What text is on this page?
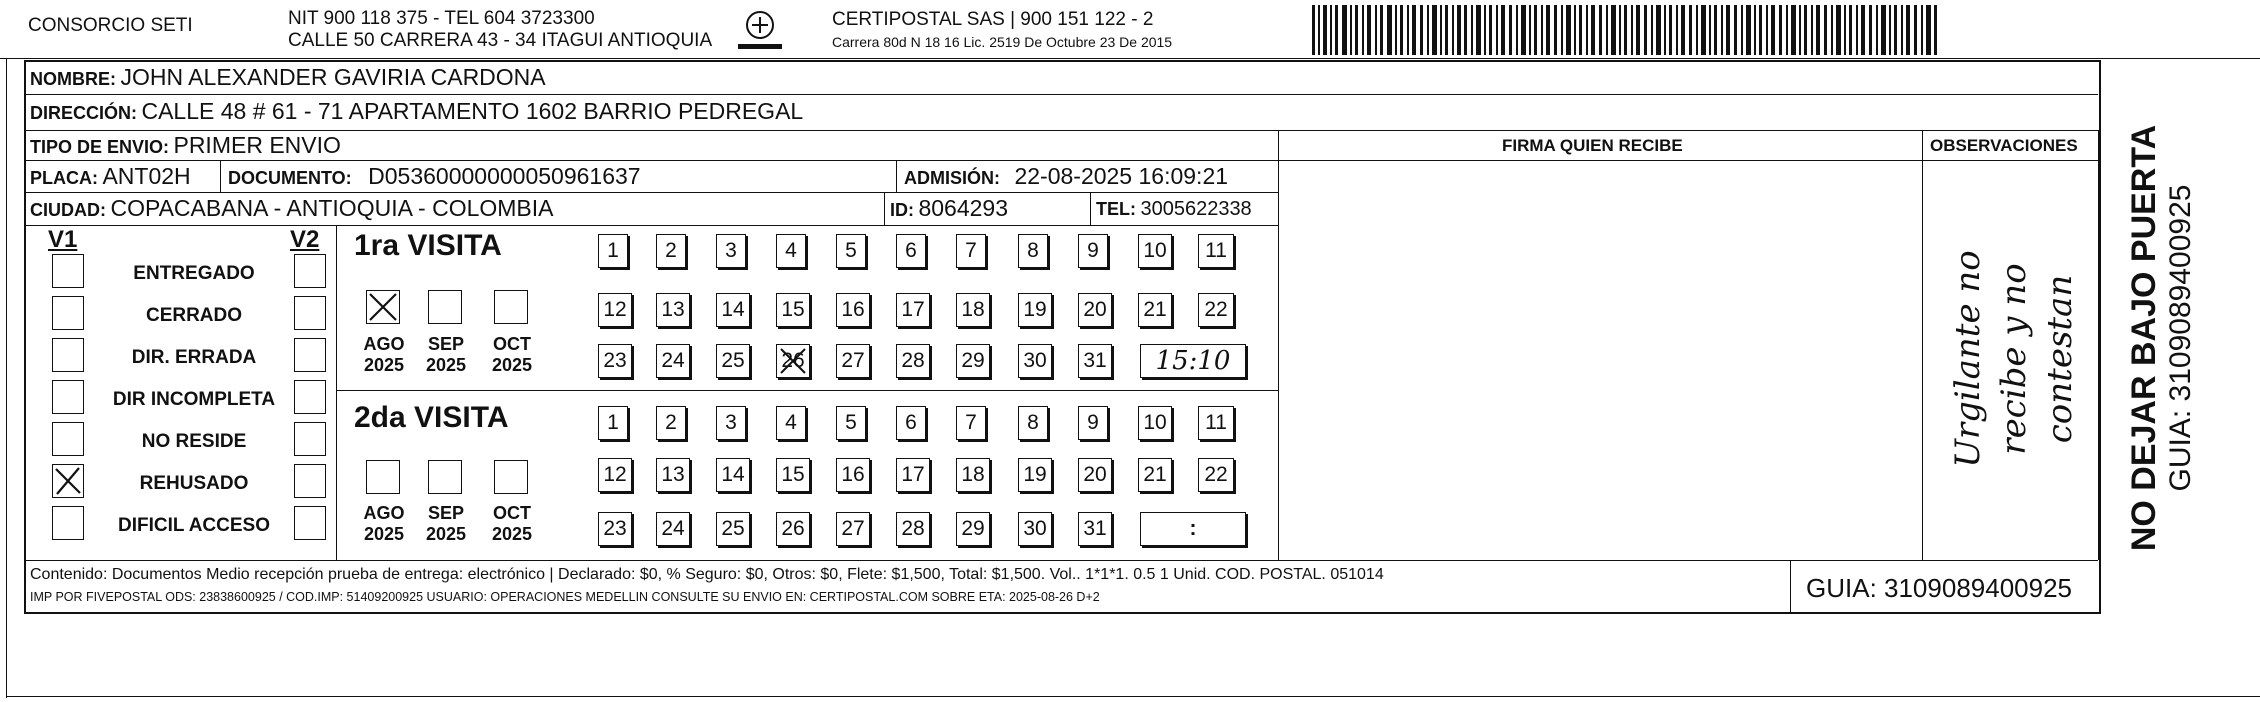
CONSORCIO SETI	NIT 900 118 375 - TEL 604 3723300
CALLE 50 CARRERA 43 - 34 ITAGUI ANTIOQUIA
CERTIPOSTAL SAS | 900 151 122 - 2
Carrera 80d N 18 16 Lic. 2519 De Octubre 23 De 2015
NOMBRE: JOHN ALEXANDER GAVIRIA CARDONA
DIRECCIÓN: CALLE 48 # 61 - 71 APARTAMENTO 1602 BARRIO PEDREGAL
TIPO DE ENVIO: PRIMER ENVIO	FIRMA QUIEN RECIBE	OBSERVACIONES
PLACA: ANT02H DOCUMENTO: D05360000000050961637	ADMISIÓN: 22-08-2025 16:09:21
CIUDAD: COPACABANA - ANTIOQUIA - COLOMBIA	ID: 8064293	TEL: 3005622338
V1	V2
ENTREGADO
CERRADO
DIR. ERRADA
DIR INCOMPLETA
NO RESIDE
REHUSADO
DIFICIL ACCESO
1ra VISITA
AGO
2025
SEP
2025
OCT
2025
1	2	3	4	5	6	7	8	9	10	11
12 13 14 15 16 17 18 19 20 21	22
23 24 25 26 27 28 29 30 31	15:10
2da VISITA
AGO
2025
SEP
2025
OCT
2025
1	2	3	4	5	6	7	8	9	10	11
12 13 14 15 16 17 18 19 20 21	22
23 24 25 26 27 28 29 30 31	:
Urgilante no recibe y no contestan
Contenido: Documentos Medio recepción prueba de entrega: electrónico | Declarado: $0, % Seguro: $0, Otros: $0, Flete: $1,500, Total: $1,500. Vol.. 1*1*1. 0.5 1 Unid. COD. POSTAL. 051014
IMP POR FIVEPOSTAL ODS: 23838600925 / COD.IMP: 51409200925 USUARIO: OPERACIONES MEDELLIN CONSULTE SU ENVIO EN: CERTIPOSTAL.COM SOBRE ETA: 2025-08-26 D+2	GUIA: 3109089400925
NO DEJAR BAJO PUERTA GUIA: 3109089400925
